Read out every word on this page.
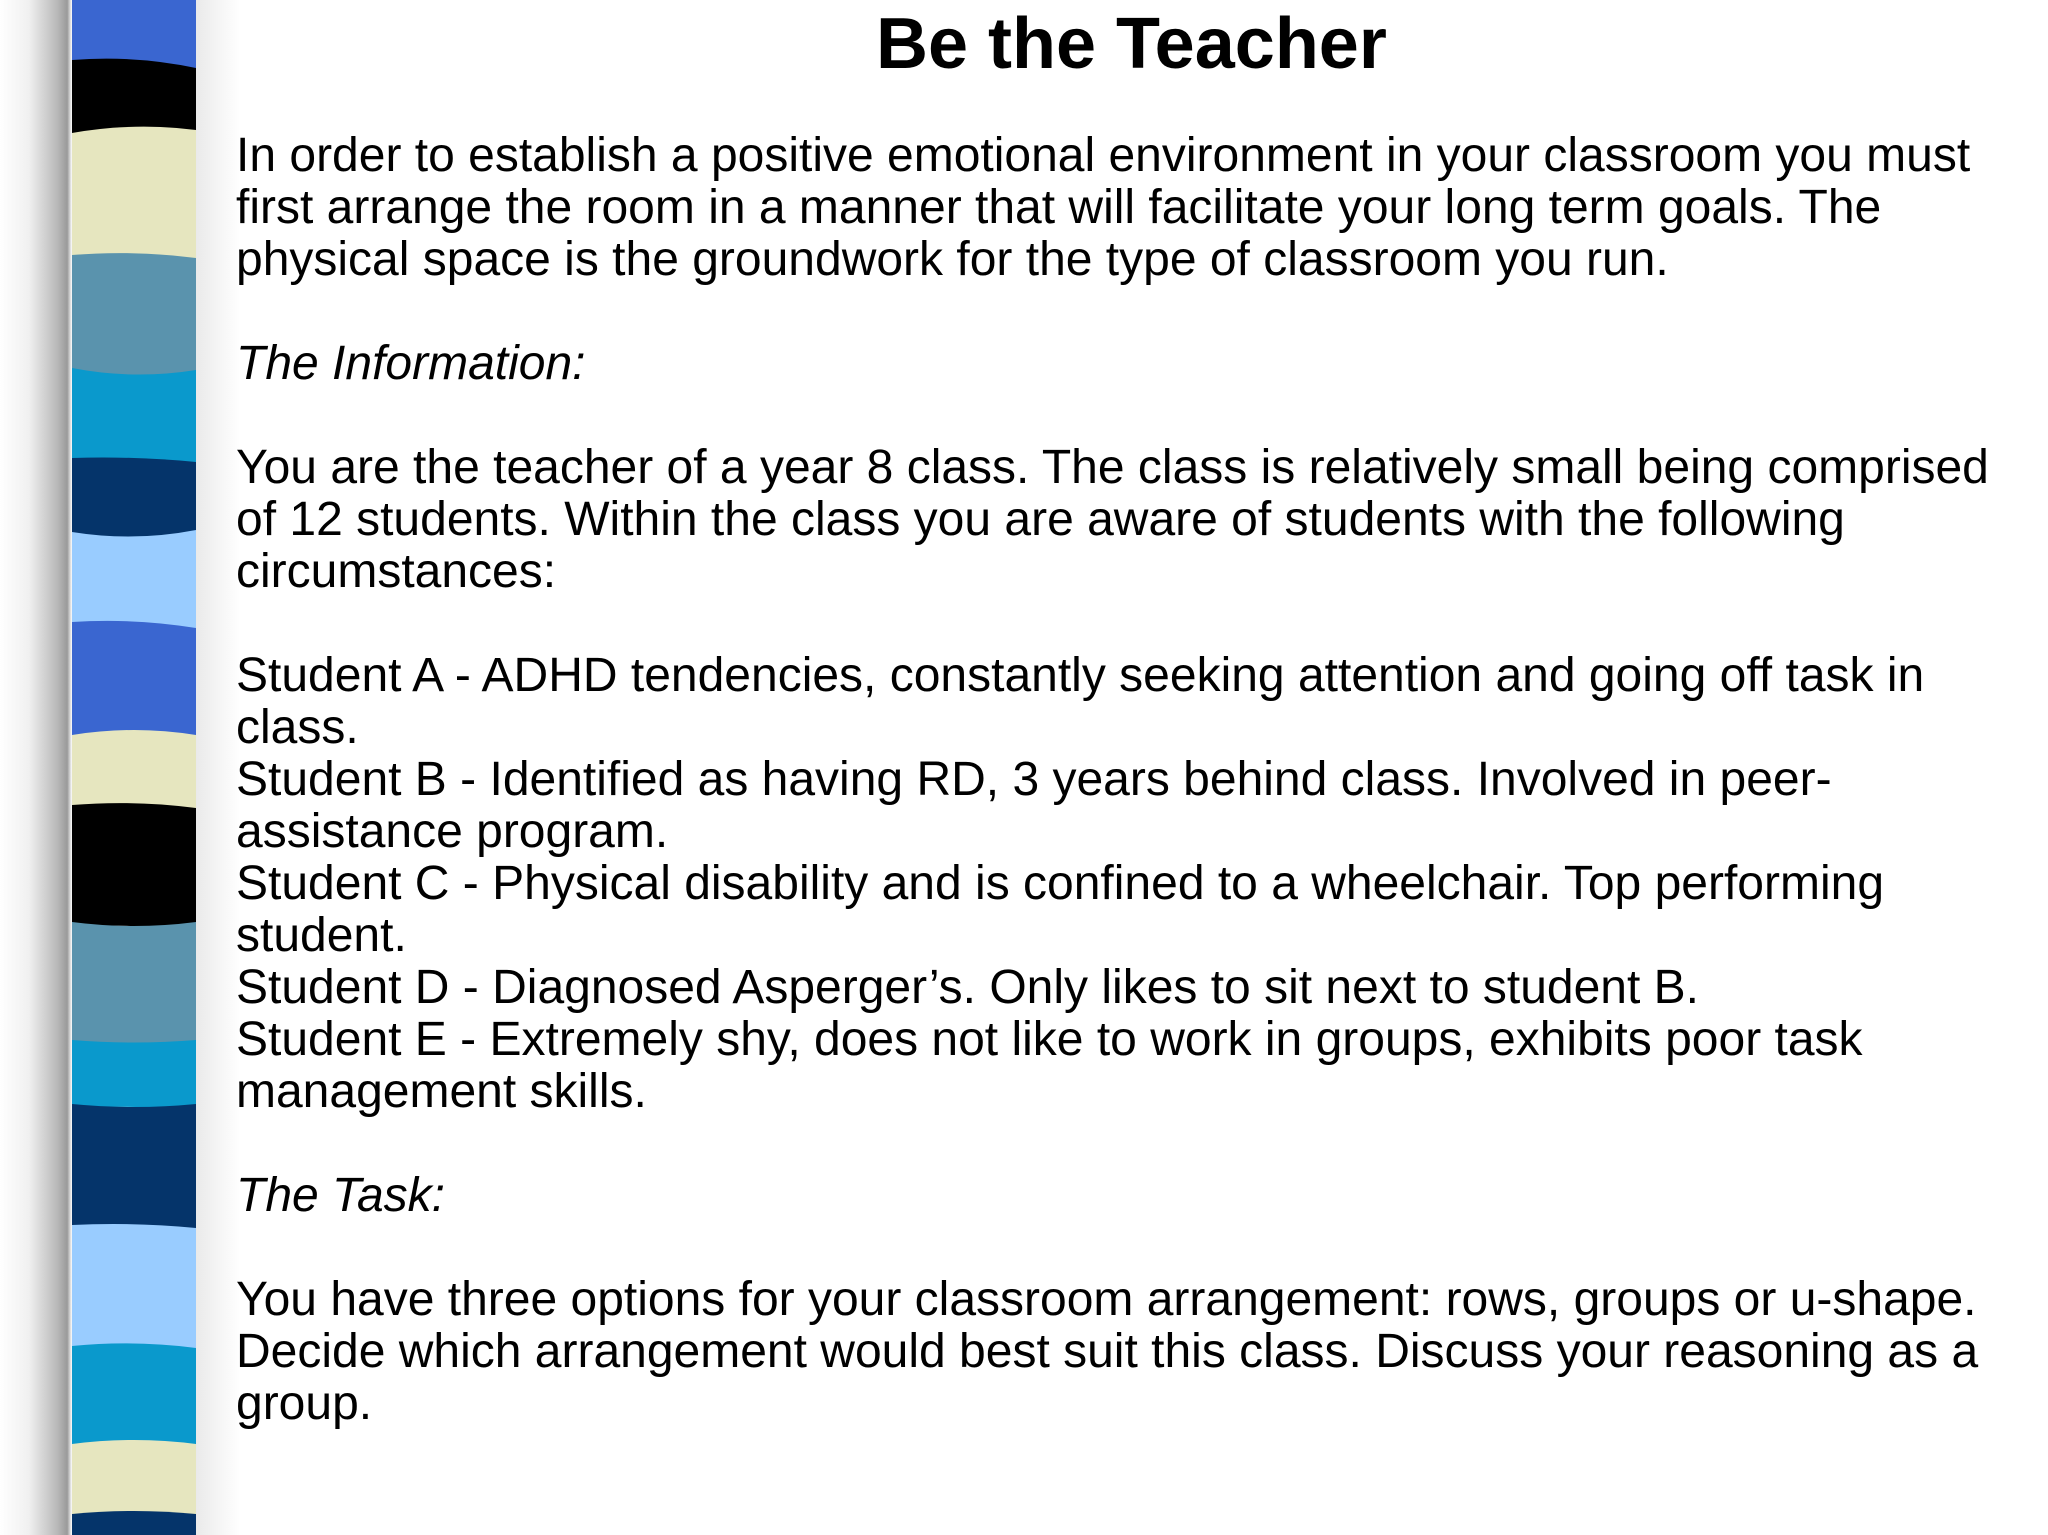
Be the Teacher

In order to establish a positive emotional environment in your classroom you must first arrange the room in a manner that will facilitate your long term goals. The physical space is the groundwork for the type of classroom you run.

The Information:

You are the teacher of a year 8 class. The class is relatively small being comprised of 12 students. Within the class you are aware of students with the following circumstances:

Student A - ADHD tendencies, constantly seeking attention and going off task in class.

Student B - Identified as having RD, 3 years behind class. Involved in peer-assistance program.

Student C - Physical disability and is confined to a wheelchair. Top performing student.

Student D - Diagnosed Asperger’s. Only likes to sit next to student B.

Student E - Extremely shy, does not like to work in groups, exhibits poor task management skills.

The Task:

You have three options for your classroom arrangement: rows, groups or u-shape. Decide which arrangement would best suit this class. Discuss your reasoning as a group.
